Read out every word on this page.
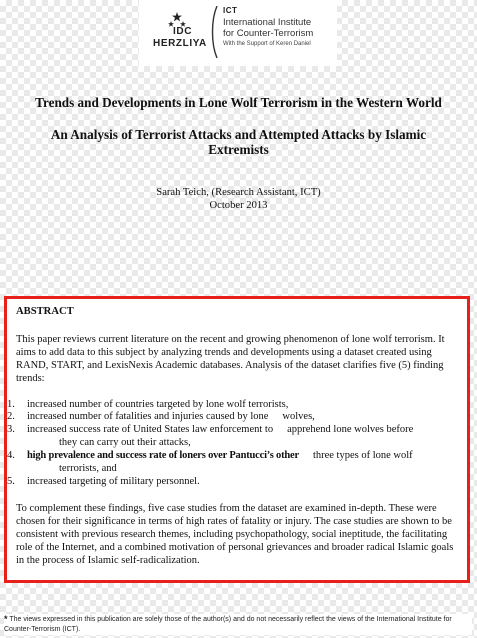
IDC
HERZLIYA
ICT
International Institute
for Counter-Terrorism
With the Support of Keren Daniel
Trends and Developments in Lone Wolf Terrorism in the Western World
An Analysis of Terrorist Attacks and Attempted Attacks by Islamic Extremists
Sarah Teich, (Research Assistant, ICT)
October 2013
ABSTRACT
This paper reviews current literature on the recent and growing phenomenon of lone wolf terrorism. It aims to add data to this subject by analyzing trends and developments using a dataset created using RAND, START, and LexisNexis Academic databases. Analysis of the dataset clarifies five (5) finding trends:
1. increased number of countries targeted by lone wolf terrorists,
2. increased number of fatalities and injuries caused by lone wolves,
3. increased success rate of United States law enforcement to apprehend lone wolves before
they can carry out their attacks,
4. high prevalence and success rate of loners over Pantucci’s other three types of lone wolf
terrorists, and
5. increased targeting of military personnel.
To complement these findings, five case studies from the dataset are examined in-depth. These were chosen for their significance in terms of high rates of fatality or injury. The case studies are shown to be consistent with previous research themes, including psychopathology, social ineptitude, the facilitating role of the Internet, and a combined motivation of personal grievances and broader radical Islamic goals in the process of Islamic self-radicalization.
* The views expressed in this publication are solely those of the author(s) and do not necessarily reflect the views of the International Institute for Counter-Terrorism (ICT).
